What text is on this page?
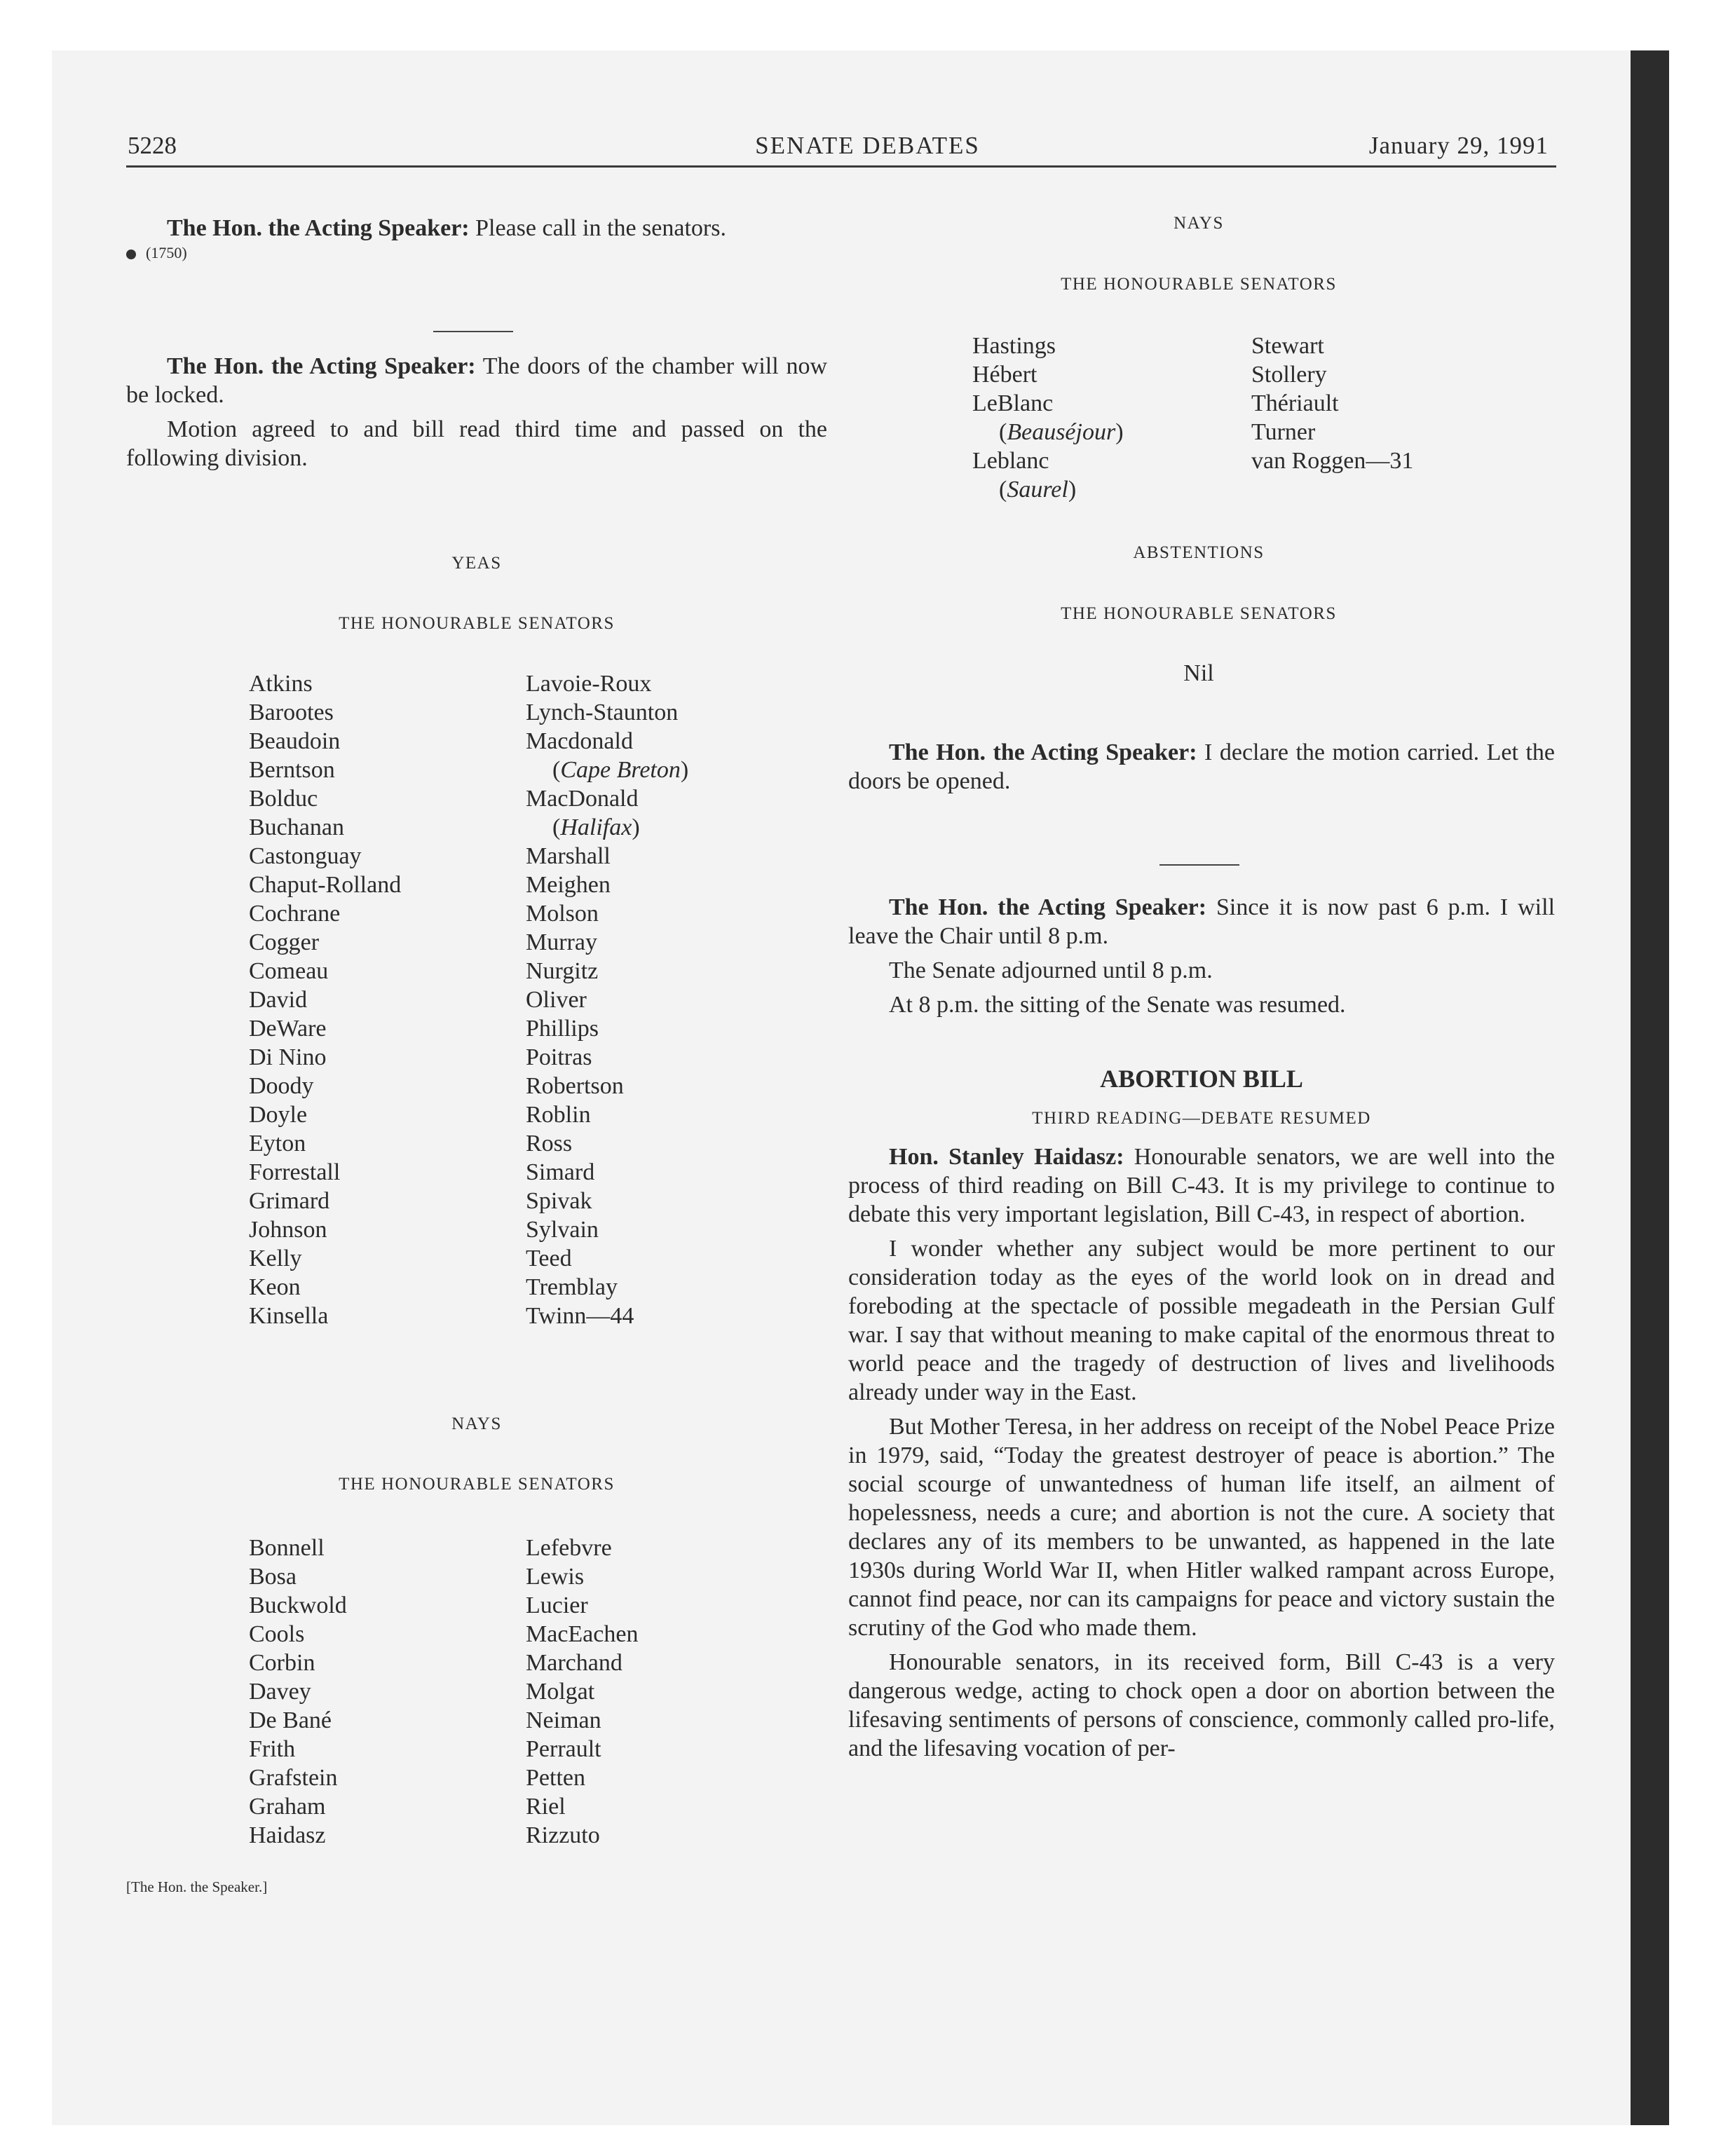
5228	SENATE DEBATES	January 29, 1991

The Hon. the Acting Speaker: Please call in the senators.

(1750)

The Hon. the Acting Speaker: The doors of the chamber will now be locked.

Motion agreed to and bill read third time and passed on the following division.

YEAS
THE HONOURABLE SENATORS
Atkins
Barootes
Beaudoin
Berntson
Bolduc
Buchanan
Castonguay
Chaput-Rolland
Cochrane
Cogger
Comeau
David
DeWare
Di Nino
Doody
Doyle
Eyton
Forrestall
Grimard
Johnson
Kelly
Keon
Kinsella
Lavoie-Roux
Lynch-Staunton
Macdonald
(Cape Breton)
MacDonald
(Halifax)
Marshall
Meighen
Molson
Murray
Nurgitz
Oliver
Phillips
Poitras
Robertson
Roblin
Ross
Simard
Spivak
Sylvain
Teed
Tremblay
Twinn—44
NAYS
THE HONOURABLE SENATORS
Bonnell
Bosa
Buckwold
Cools
Corbin
Davey
De Bané
Frith
Grafstein
Graham
Haidasz
Lefebvre
Lewis
Lucier
MacEachen
Marchand
Molgat
Neiman
Perrault
Petten
Riel
Rizzuto
[The Hon. the Speaker.]
NAYS
THE HONOURABLE SENATORS
Hastings
Hébert
LeBlanc
(Beauséjour)
Leblanc
(Saurel)
Stewart
Stollery
Thériault
Turner
van Roggen—31
ABSTENTIONS
THE HONOURABLE SENATORS
Nil

The Hon. the Acting Speaker: I declare the motion carried. Let the doors be opened.

The Hon. the Acting Speaker: Since it is now past 6 p.m. I will leave the Chair until 8 p.m.

The Senate adjourned until 8 p.m.

At 8 p.m. the sitting of the Senate was resumed.

ABORTION BILL
THIRD READING—DEBATE RESUMED

Hon. Stanley Haidasz: Honourable senators, we are well into the process of third reading on Bill C-43. It is my privilege to continue to debate this very important legislation, Bill C-43, in respect of abortion.

I wonder whether any subject would be more pertinent to our consideration today as the eyes of the world look on in dread and foreboding at the spectacle of possible megadeath in the Persian Gulf war. I say that without meaning to make capital of the enormous threat to world peace and the tragedy of destruction of lives and livelihoods already under way in the East.

But Mother Teresa, in her address on receipt of the Nobel Peace Prize in 1979, said, “Today the greatest destroyer of peace is abortion.” The social scourge of unwantedness of human life itself, an ailment of hopelessness, needs a cure; and abortion is not the cure. A society that declares any of its members to be unwanted, as happened in the late 1930s during World War II, when Hitler walked rampant across Europe, cannot find peace, nor can its campaigns for peace and victory sustain the scrutiny of the God who made them.

Honourable senators, in its received form, Bill C-43 is a very dangerous wedge, acting to chock open a door on abortion between the lifesaving sentiments of persons of conscience, commonly called pro-life, and the lifesaving vocation of per-
